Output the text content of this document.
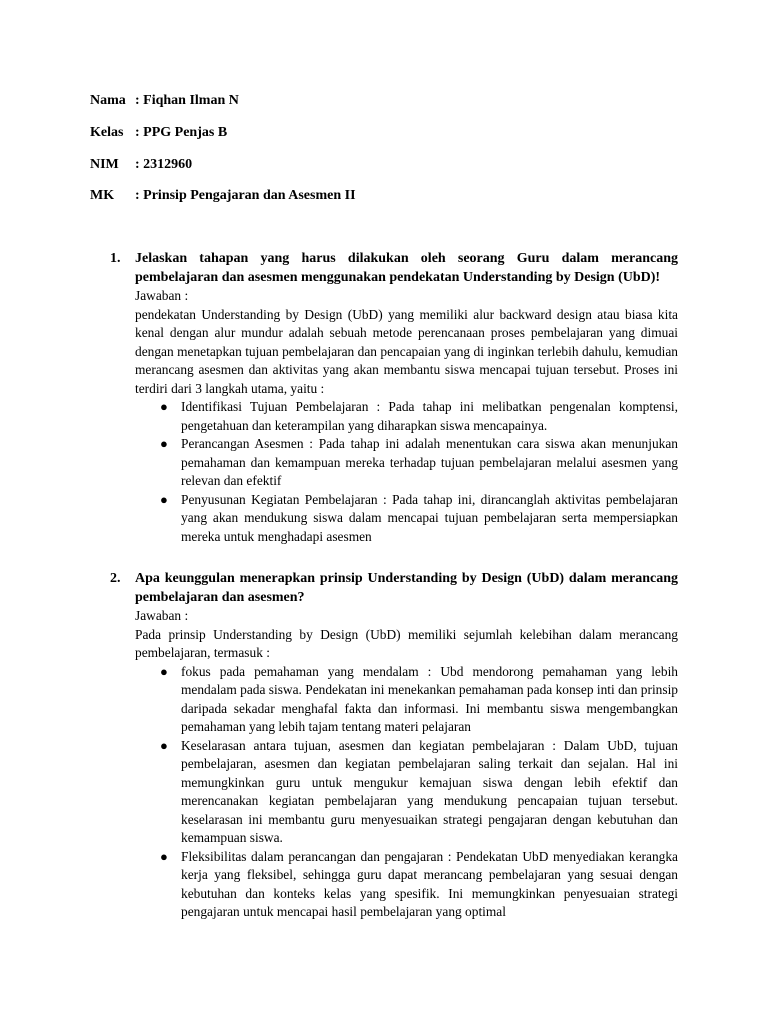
Nama : Fiqhan Ilman N
Kelas : PPG Penjas B
NIM : 2312960
MK : Prinsip Pengajaran dan Asesmen II
1. Jelaskan tahapan yang harus dilakukan oleh seorang Guru dalam merancang pembelajaran dan asesmen menggunakan pendekatan Understanding by Design (UbD)!
Jawaban :
pendekatan Understanding by Design (UbD) yang memiliki alur backward design atau biasa kita kenal dengan alur mundur adalah sebuah metode perencanaan proses pembelajaran yang dimuai dengan menetapkan tujuan pembelajaran dan pencapaian yang di inginkan terlebih dahulu, kemudian merancang asesmen dan aktivitas yang akan membantu siswa mencapai tujuan tersebut. Proses ini terdiri dari 3 langkah utama, yaitu :
● Identifikasi Tujuan Pembelajaran : Pada tahap ini melibatkan pengenalan komptensi, pengetahuan dan keterampilan yang diharapkan siswa mencapainya.
● Perancangan Asesmen : Pada tahap ini adalah menentukan cara siswa akan menunjukan pemahaman dan kemampuan mereka terhadap tujuan pembelajaran melalui asesmen yang relevan dan efektif
● Penyusunan Kegiatan Pembelajaran : Pada tahap ini, dirancanglah aktivitas pembelajaran yang akan mendukung siswa dalam mencapai tujuan pembelajaran serta mempersiapkan mereka untuk menghadapi asesmen
2. Apa keunggulan menerapkan prinsip Understanding by Design (UbD) dalam merancang pembelajaran dan asesmen?
Jawaban :
Pada prinsip Understanding by Design (UbD) memiliki sejumlah kelebihan dalam merancang pembelajaran, termasuk :
● fokus pada pemahaman yang mendalam : Ubd mendorong pemahaman yang lebih mendalam pada siswa. Pendekatan ini menekankan pemahaman pada konsep inti dan prinsip daripada sekadar menghafal fakta dan informasi. Ini membantu siswa mengembangkan pemahaman yang lebih tajam tentang materi pelajaran
● Keselarasan antara tujuan, asesmen dan kegiatan pembelajaran : Dalam UbD, tujuan pembelajaran, asesmen dan kegiatan pembelajaran saling terkait dan sejalan. Hal ini memungkinkan guru untuk mengukur kemajuan siswa dengan lebih efektif dan merencanakan kegiatan pembelajaran yang mendukung pencapaian tujuan tersebut. keselarasan ini membantu guru menyesuaikan strategi pengajaran dengan kebutuhan dan kemampuan siswa.
● Fleksibilitas dalam perancangan dan pengajaran : Pendekatan UbD menyediakan kerangka kerja yang fleksibel, sehingga guru dapat merancang pembelajaran yang sesuai dengan kebutuhan dan konteks kelas yang spesifik. Ini memungkinkan penyesuaian strategi pengajaran untuk mencapai hasil pembelajaran yang optimal
